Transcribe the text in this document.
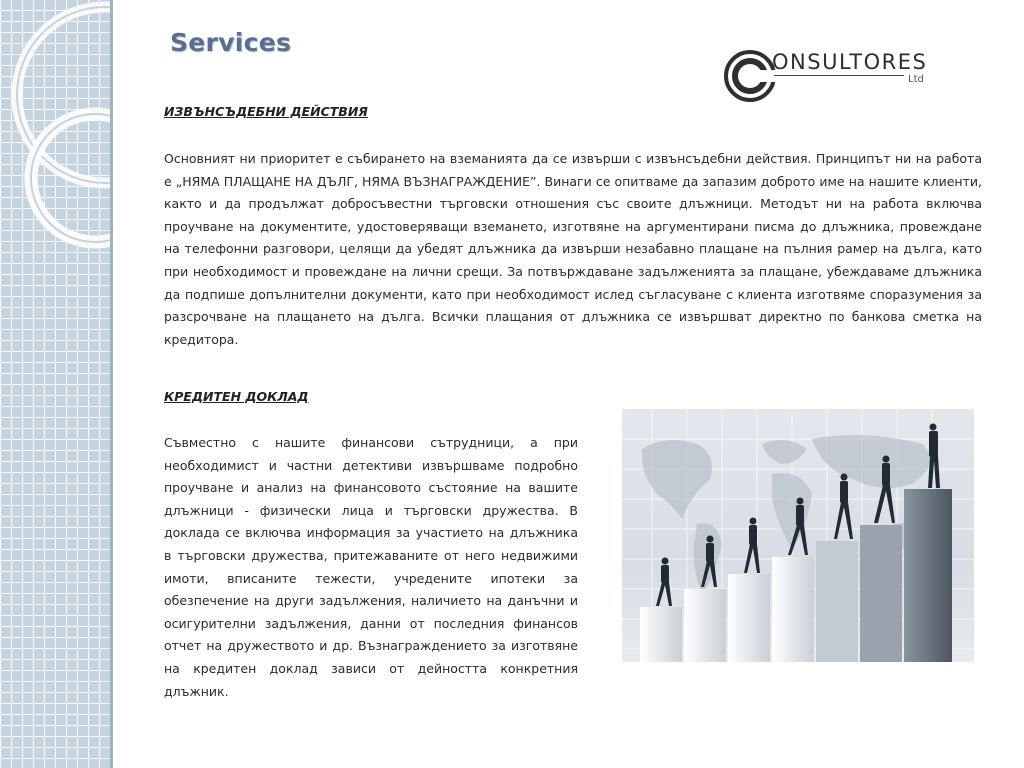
Services
ONSULTORES
Ltd
ИЗВЪНСЪДЕБНИ ДЕЙСТВИЯ

Основният ни приоритет е събирането на вземанията да се извърши с извънсъдебни действия. Принципът ни на работа е „НЯМА ПЛАЩАНЕ НА ДЪЛГ, НЯМА ВЪЗНАГРАЖДЕНИЕ”. Винаги се опитваме да запазим доброто име на нашите клиенти, както и да продължат добросъвестни търговски отношения със своите длъжници. Методът ни на работа включва проучване на документите, удостоверяващи вземането, изготвяне на аргументирани писма до длъжника, провеждане на телефонни разговори, целящи да убедят длъжника да извърши незабавно плащане на пълния рамер на дълга, като при необходимост и провеждане на лични срещи. За потвърждаване задълженията за плащане, убеждаваме длъжника да подпише допълнителни документи, като при необходимост ислед съгласуване с клиента изготвяме споразумения за разсрочване на плащането на дълга. Всички плащания от длъжника се извършват директно по банкова сметка на кредитора.

КРЕДИТЕН ДОКЛАД

Съвместно с нашите финансови сътрудници, а при необходимист и частни детективи извършваме подробно проучване и анализ на финансовото състояние на вашите длъжници - физически лица и търговски дружества. В доклада се включва информация за участието на длъжника в търговски дружества, притежаваните от него недвижими имоти, вписаните тежести, учредените ипотеки за обезпечение на други задължения, наличието на данъчни и осигурителни задължения, данни от последния финансов отчет на дружеството и др. Възнаграждението за изготвяне на кредитен доклад зависи от дейността конкретния длъжник.
